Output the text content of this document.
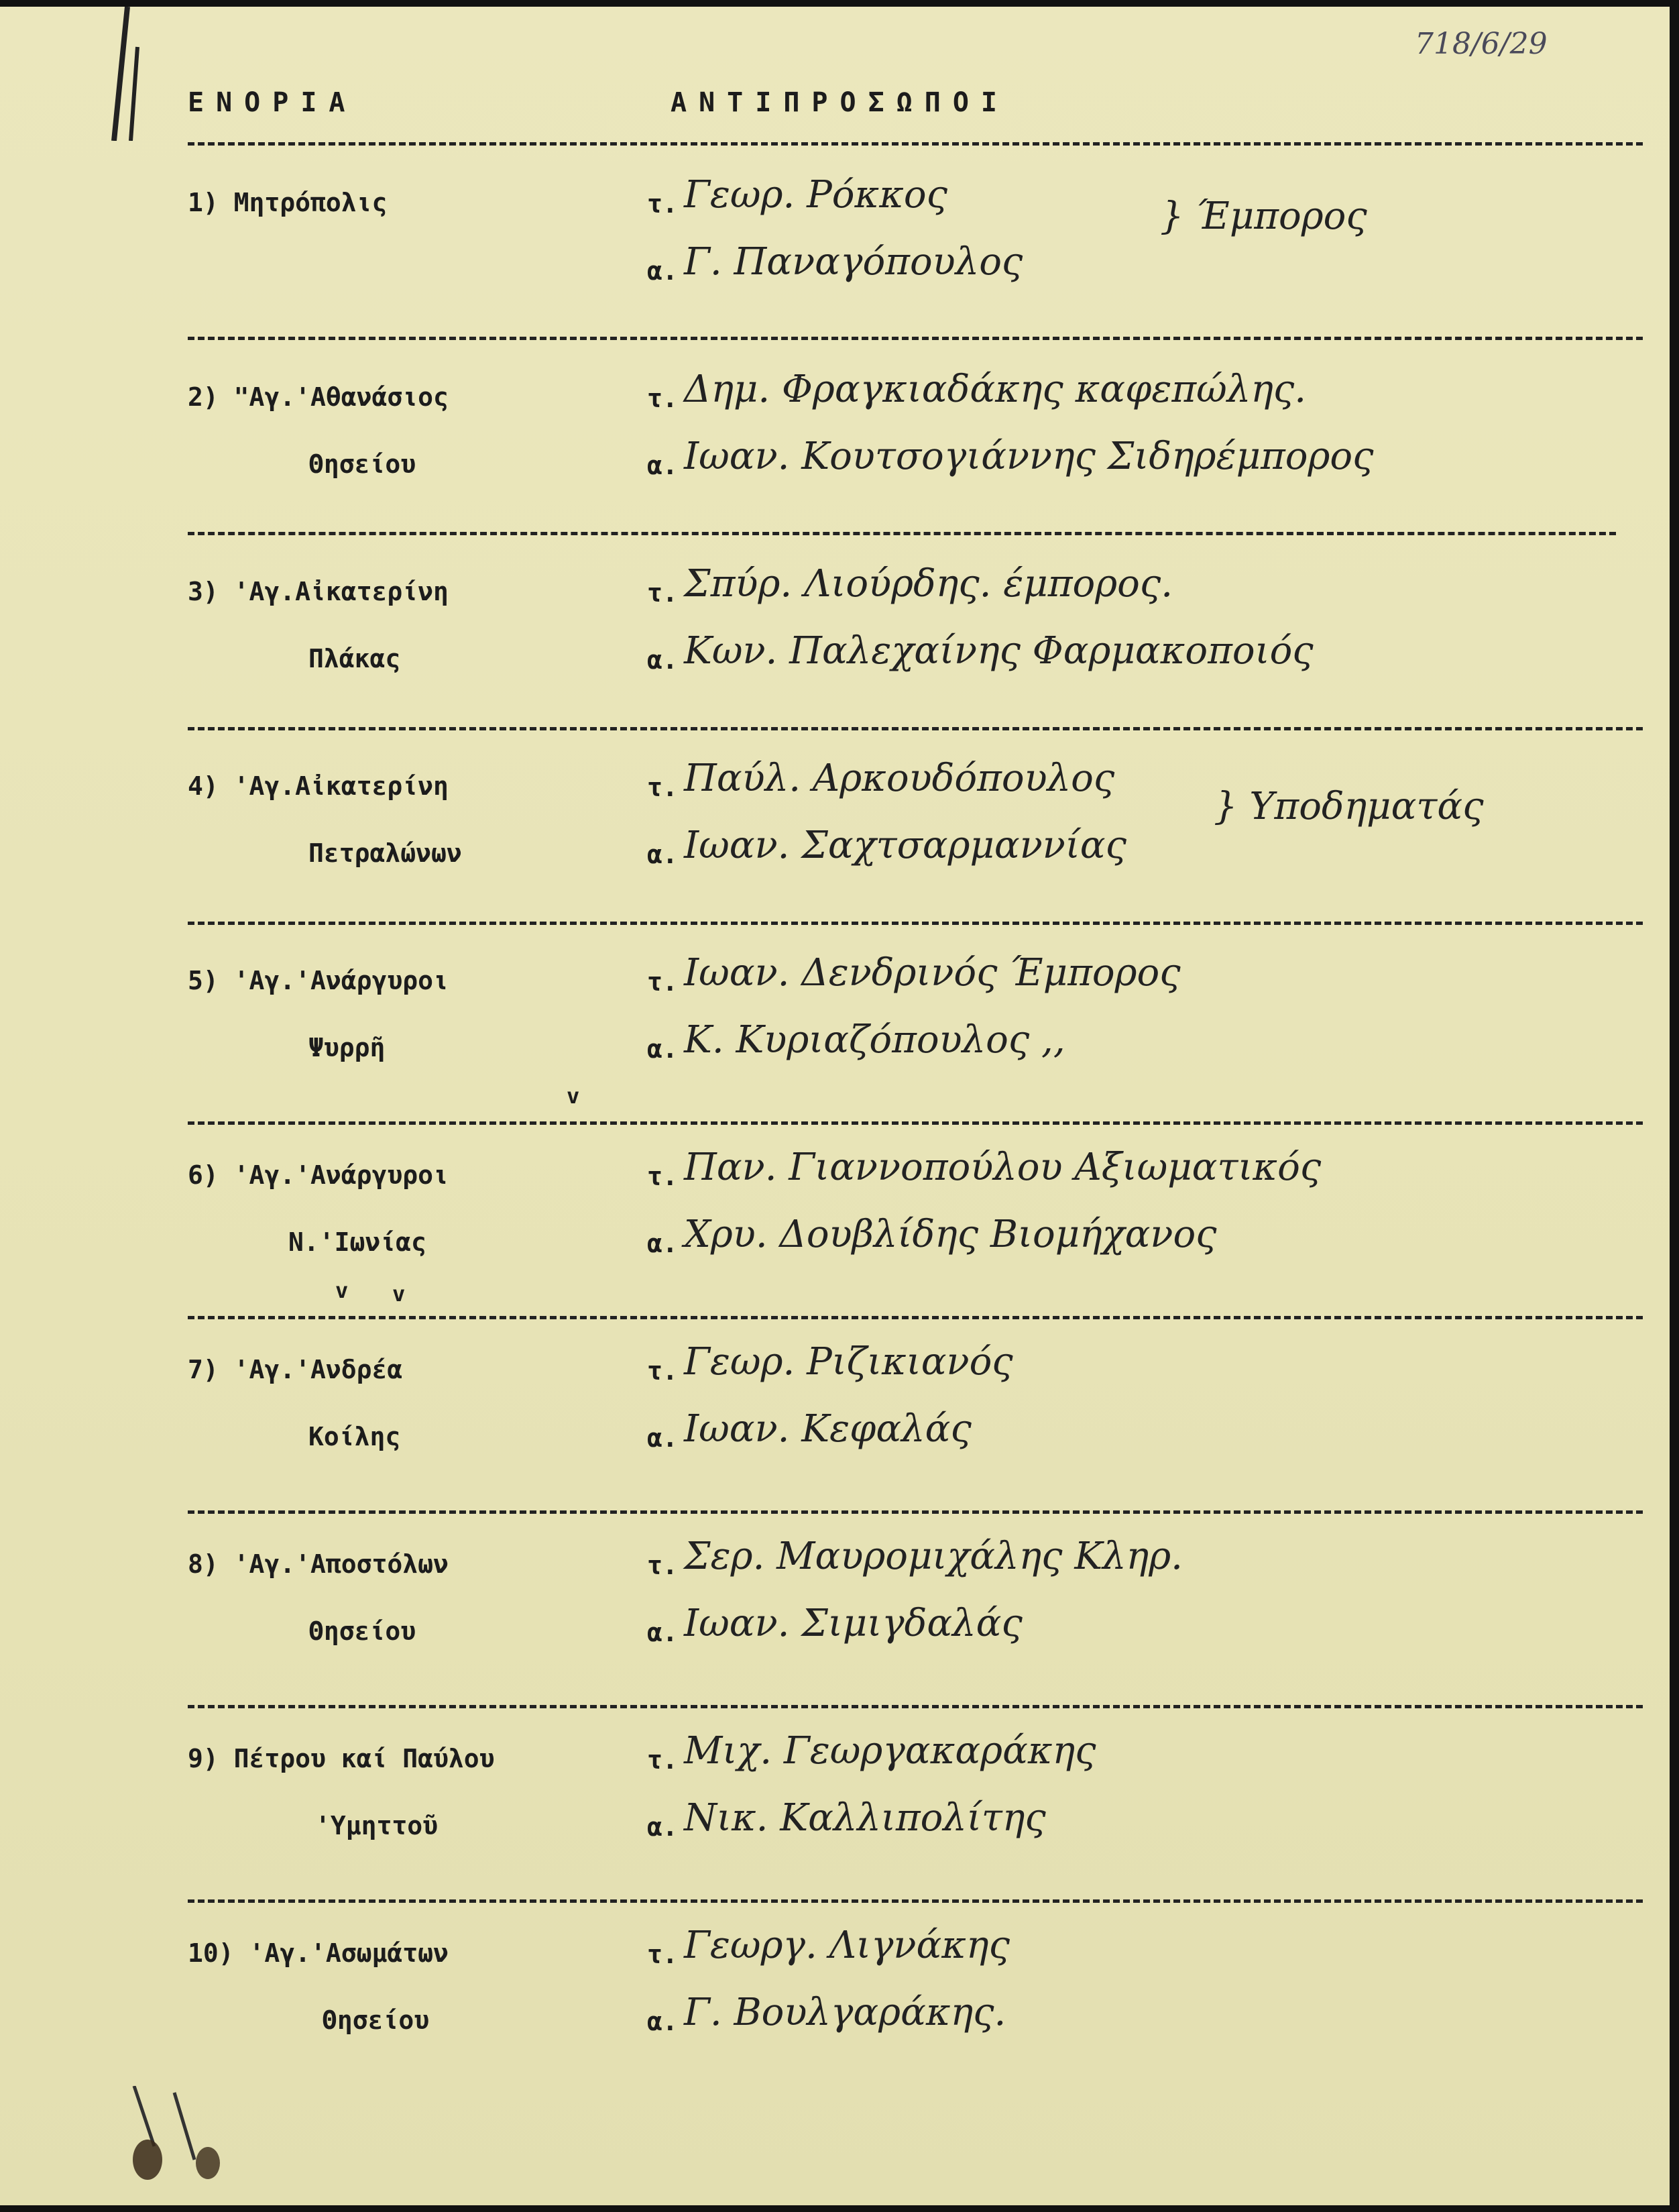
718/6/29
ΕΝΟΡΙΑ	ΑΝΤΙΠΡΟΣΩΠΟΙ
1) Μητρόπολις	τ.
α.
Γεωρ. Ρόκκος
Γ. Παναγόπουλος
} Έμπορος
2) "Αγ.'Αθανάσιος
Θησείου
τ.
α.
Δημ. Φραγκιαδάκης καφεπώλης.
Ιωαν. Κουτσογιάννης Σιδηρέμπορος
3) 'Αγ.Αἰκατερίνη
Πλάκας
τ.
α.
Σπύρ. Λιούρδης. έμπορος.
Κων. Παλεχαίνης Φαρμακοποιός
4) 'Αγ.Αἰκατερίνη
Πετραλώνων
τ.
α.
Παύλ. Αρκουδόπουλος
Ιωαν. Σαχτσαρμαννίας
} Υποδηματάς
5) 'Αγ.'Ανάργυροι
Ψυρρῆ
τ.
α.
Ιωαν. Δενδρινός Έμπορος
Κ. Κυριαζόπουλος ,,
v
6) 'Αγ.'Ανάργυροι
Ν.'Ιωνίας
τ.
α.
Παν. Γιαννοπούλου Αξιωματικός
Χρυ. Δουβλίδης Βιομήχανος
v v
7) 'Αγ.'Ανδρέα
Κοίλης
τ.
α.
Γεωρ. Ριζικιανός
Ιωαν. Κεφαλάς
8) 'Αγ.'Αποστόλων
Θησείου
τ.
α.
Σερ. Μαυρομιχάλης Κληρ.
Ιωαν. Σιμιγδαλάς
9) Πέτρου καί Παύλου
'Υμηττοῦ
τ.
α.
Μιχ. Γεωργακαράκης
Νικ. Καλλιπολίτης
10) 'Αγ.'Ασωμάτων
Θησείου
τ.
α.
Γεωργ. Λιγνάκης
Γ. Βουλγαράκης.
